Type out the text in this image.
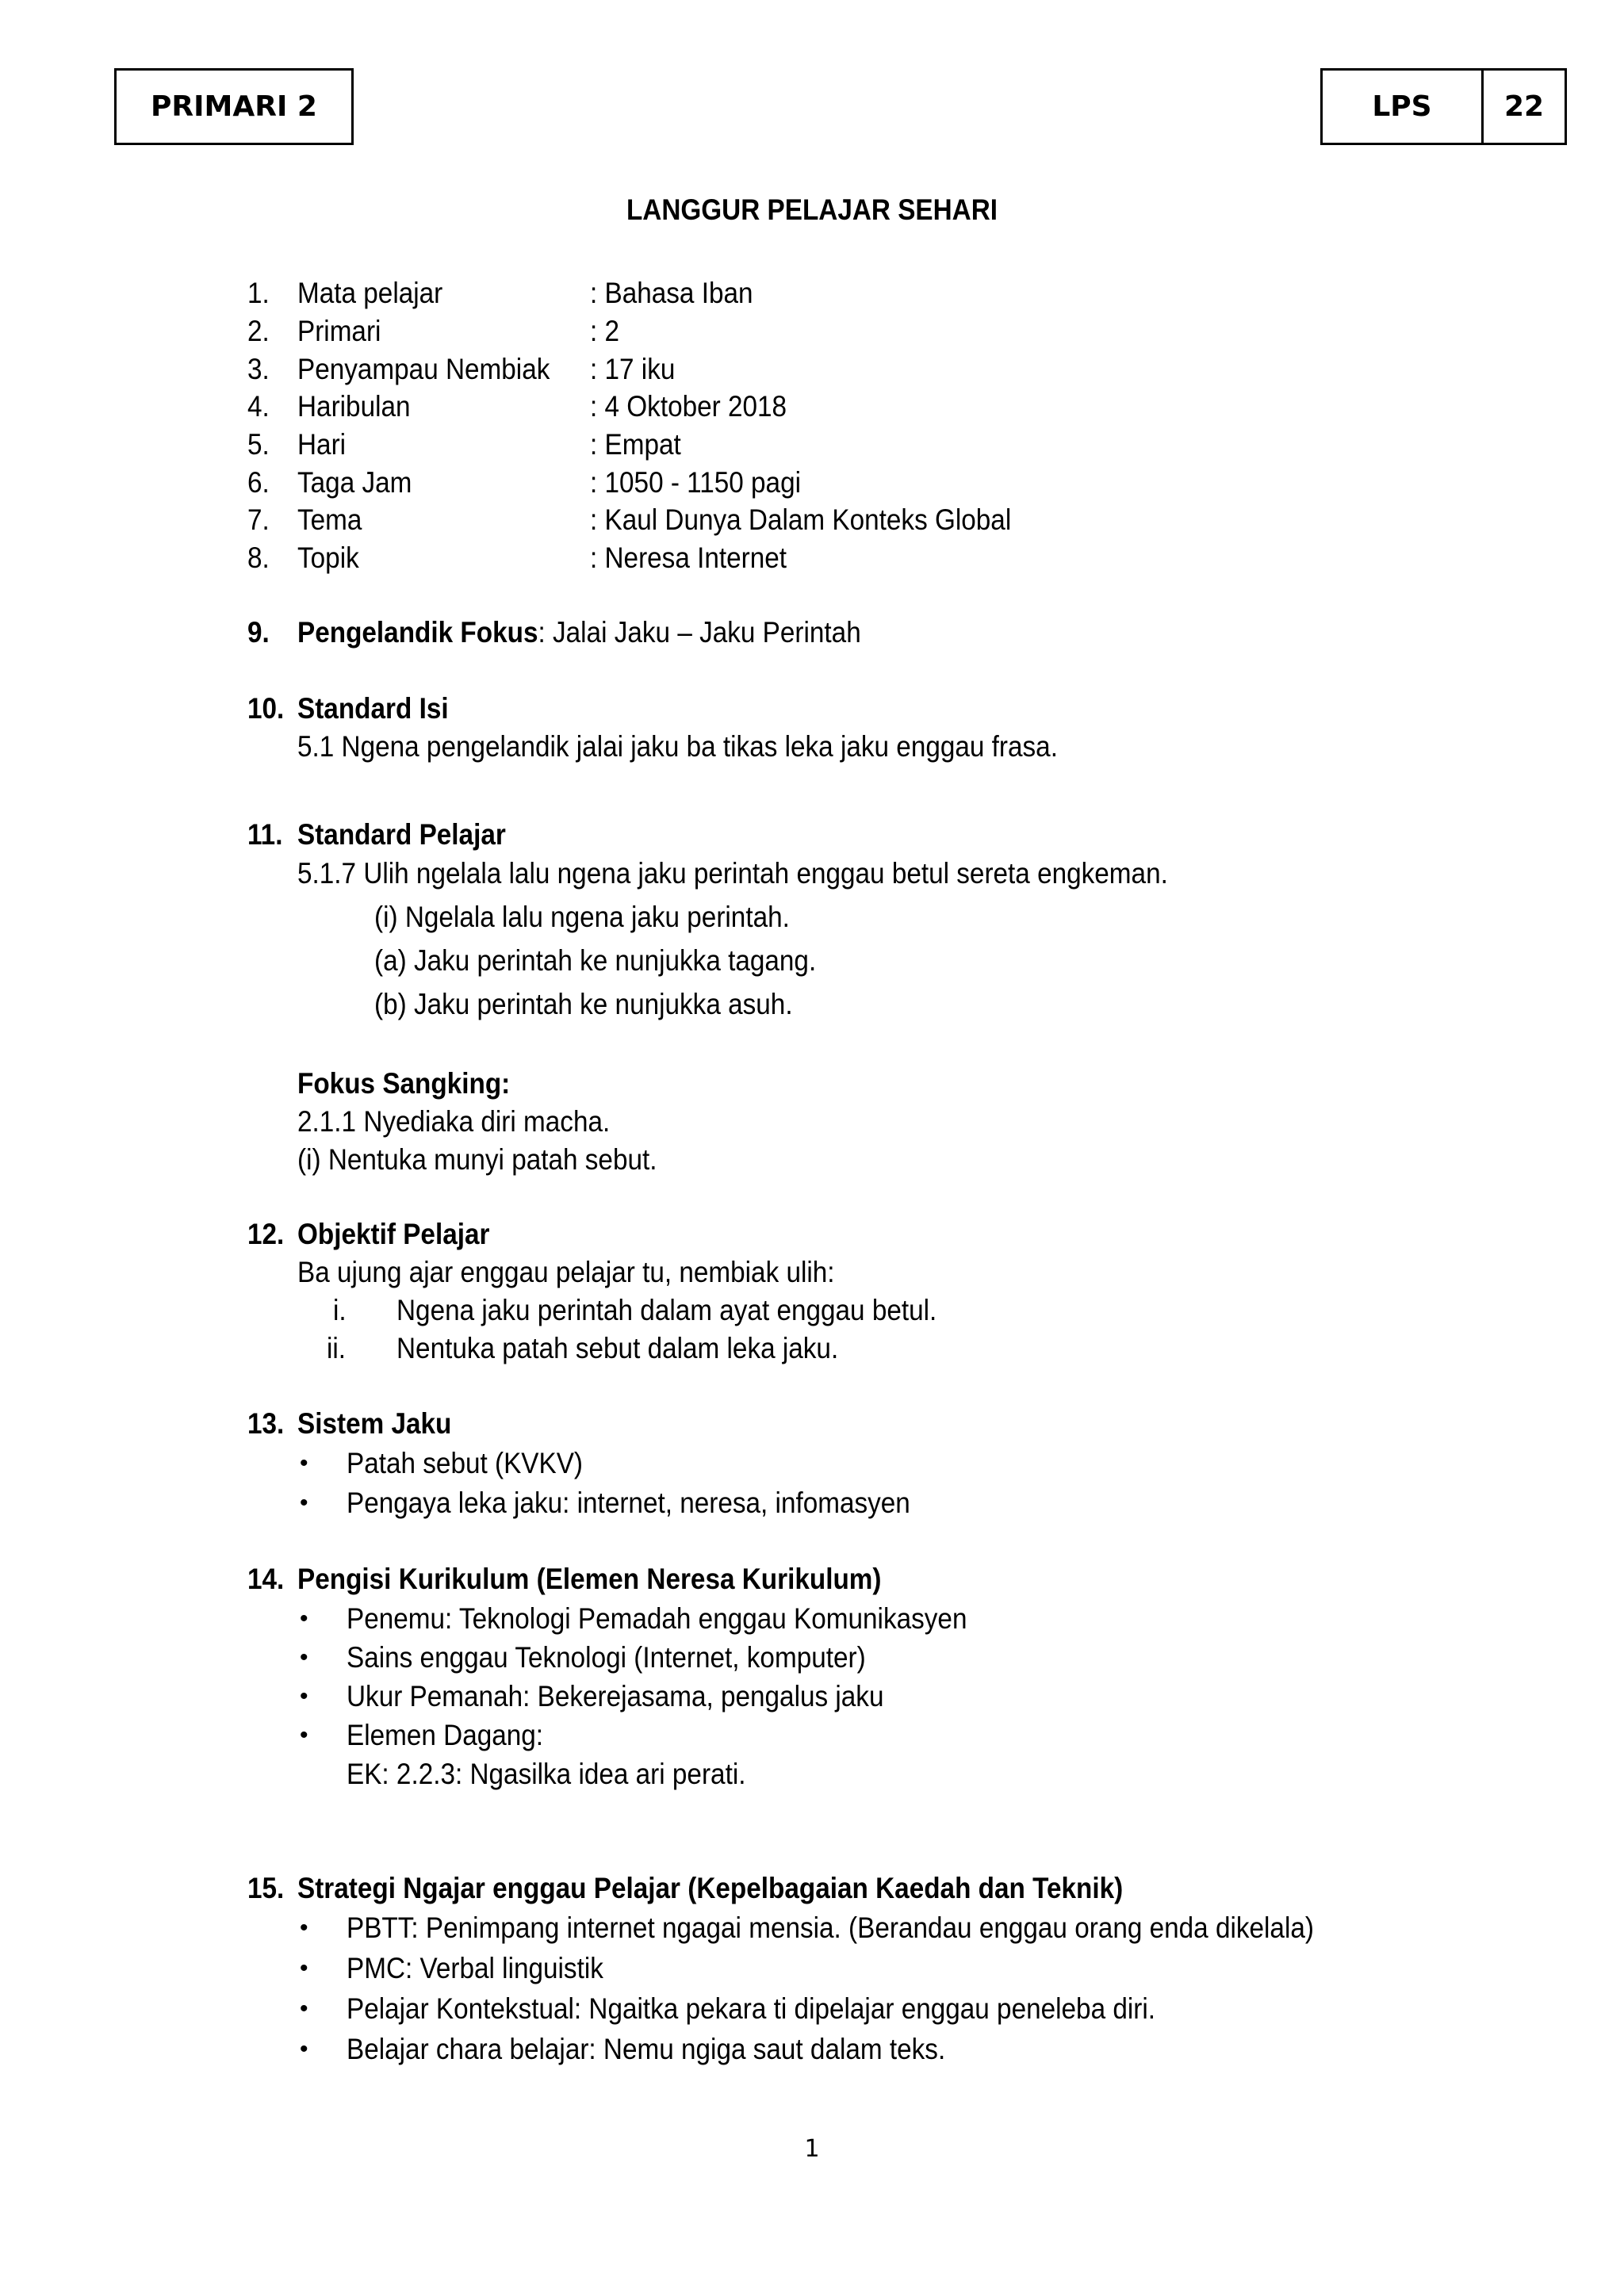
PRIMARI 2	LPS	22
LANGGUR PELAJAR SEHARI
1. Mata pelajar	: Bahasa Iban
2. Primari	: 2
3. Penyampau Nembiak : 17 iku
4. Haribulan	: 4 Oktober 2018
5. Hari	: Empat
6. Taga Jam	: 1050 - 1150 pagi
7. Tema	: Kaul Dunya Dalam Konteks Global
8. Topik	: Neresa Internet
9. Pengelandik Fokus: Jalai Jaku – Jaku Perintah
10. Standard Isi
5.1 Ngena pengelandik jalai jaku ba tikas leka jaku enggau frasa.
11. Standard Pelajar
5.1.7 Ulih ngelala lalu ngena jaku perintah enggau betul sereta engkeman.
(i) Ngelala lalu ngena jaku perintah.
(a) Jaku perintah ke nunjukka tagang.
(b) Jaku perintah ke nunjukka asuh.
Fokus Sangking:
2.1.1 Nyediaka diri macha.
(i) Nentuka munyi patah sebut.
12. Objektif Pelajar
Ba ujung ajar enggau pelajar tu, nembiak ulih:
i. Ngena jaku perintah dalam ayat enggau betul.
ii. Nentuka patah sebut dalam leka jaku.
13. Sistem Jaku
• Patah sebut (KVKV)
• Pengaya leka jaku: internet, neresa, infomasyen
14. Pengisi Kurikulum (Elemen Neresa Kurikulum)
• Penemu: Teknologi Pemadah enggau Komunikasyen
• Sains enggau Teknologi (Internet, komputer)
• Ukur Pemanah: Bekerejasama, pengalus jaku
• Elemen Dagang:
EK: 2.2.3: Ngasilka idea ari perati.
15. Strategi Ngajar enggau Pelajar (Kepelbagaian Kaedah dan Teknik)
• PBTT: Penimpang internet ngagai mensia. (Berandau enggau orang enda dikelala)
• PMC: Verbal linguistik
• Pelajar Kontekstual: Ngaitka pekara ti dipelajar enggau peneleba diri.
• Belajar chara belajar: Nemu ngiga saut dalam teks.
1
